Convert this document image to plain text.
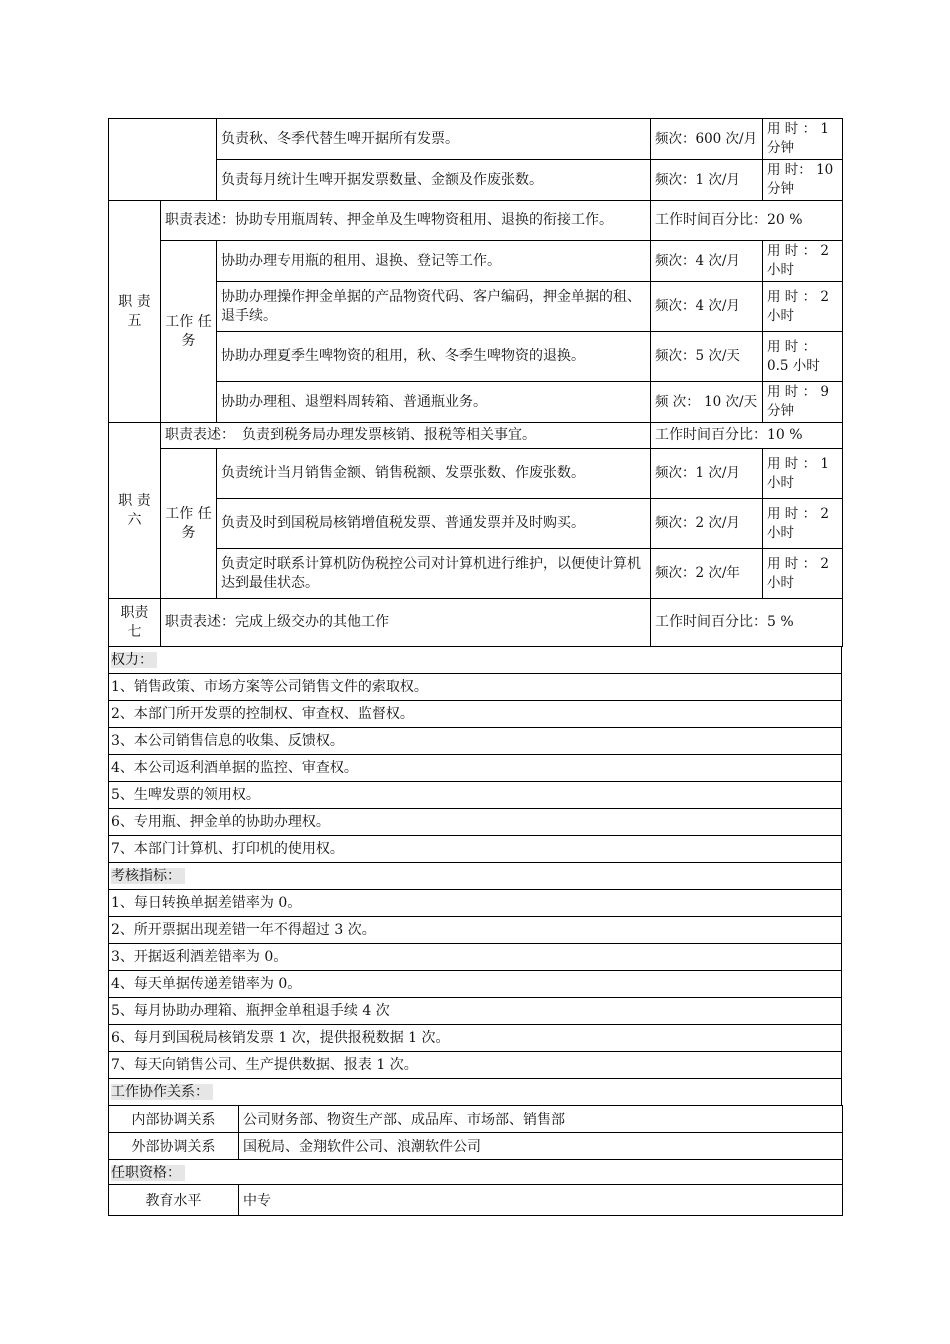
		负责秋、冬季代替生啤开据所有发票。	频次：600 次/月	用 时 ： 1 分钟
		负责每月统计生啤开据发票数量、金额及作废张数。	频次：1 次/月	用 时： 10 分钟
职 责 五	职责表述：协助专用瓶周转、押金单及生啤物资租用、退换的衔接工作。		工作时间百分比：20 %	
	工作 任务	协助办理专用瓶的租用、退换、登记等工作。	频次：4 次/月	用 时 ： 2 小时
		协助办理操作押金单据的产品物资代码、客户编码，押金单据的租、退手续。	频次：4 次/月	用 时 ： 2 小时
		协助办理夏季生啤物资的租用，秋、冬季生啤物资的退换。	频次：5 次/天	用 时 ： 0.5 小时
		协助办理租、退塑料周转箱、普通瓶业务。	频 次： 10 次/天	用 时 ： 9 分钟
职 责 六	职责表述：　负责到税务局办理发票核销、报税等相关事宜。		工作时间百分比：10 %	
	工作 任务	负责统计当月销售金额、销售税额、发票张数、作废张数。	频次：1 次/月	用 时 ： 1 小时
		负责及时到国税局核销增值税发票、普通发票并及时购买。	频次：2 次/月	用 时 ： 2 小时
		负责定时联系计算机防伪税控公司对计算机进行维护，以便使计算机达到最佳状态。	频次：2 次/年	用 时 ： 2 小时
职责 七	职责表述：完成上级交办的其他工作		工作时间百分比：5 %	
权力：
1、销售政策、市场方案等公司销售文件的索取权。
2、本部门所开发票的控制权、审查权、监督权。
3、本公司销售信息的收集、反馈权。
4、本公司返利酒单据的监控、审查权。
5、生啤发票的领用权。
6、专用瓶、押金单的协助办理权。
7、本部门计算机、打印机的使用权。
考核指标：
1、每日转换单据差错率为 0。
2、所开票据出现差错一年不得超过 3 次。
3、开据返利酒差错率为 0。
4、每天单据传递差错率为 0。
5、每月协助办理箱、瓶押金单租退手续 4 次
6、每月到国税局核销发票 1 次，提供报税数据 1 次。
7、每天向销售公司、生产提供数据、报表 1 次。
工作协作关系：
内部协调关系	公司财务部、物资生产部、成品库、市场部、销售部
外部协调关系	国税局、金翔软件公司、浪潮软件公司
任职资格：	
教育水平	中专
